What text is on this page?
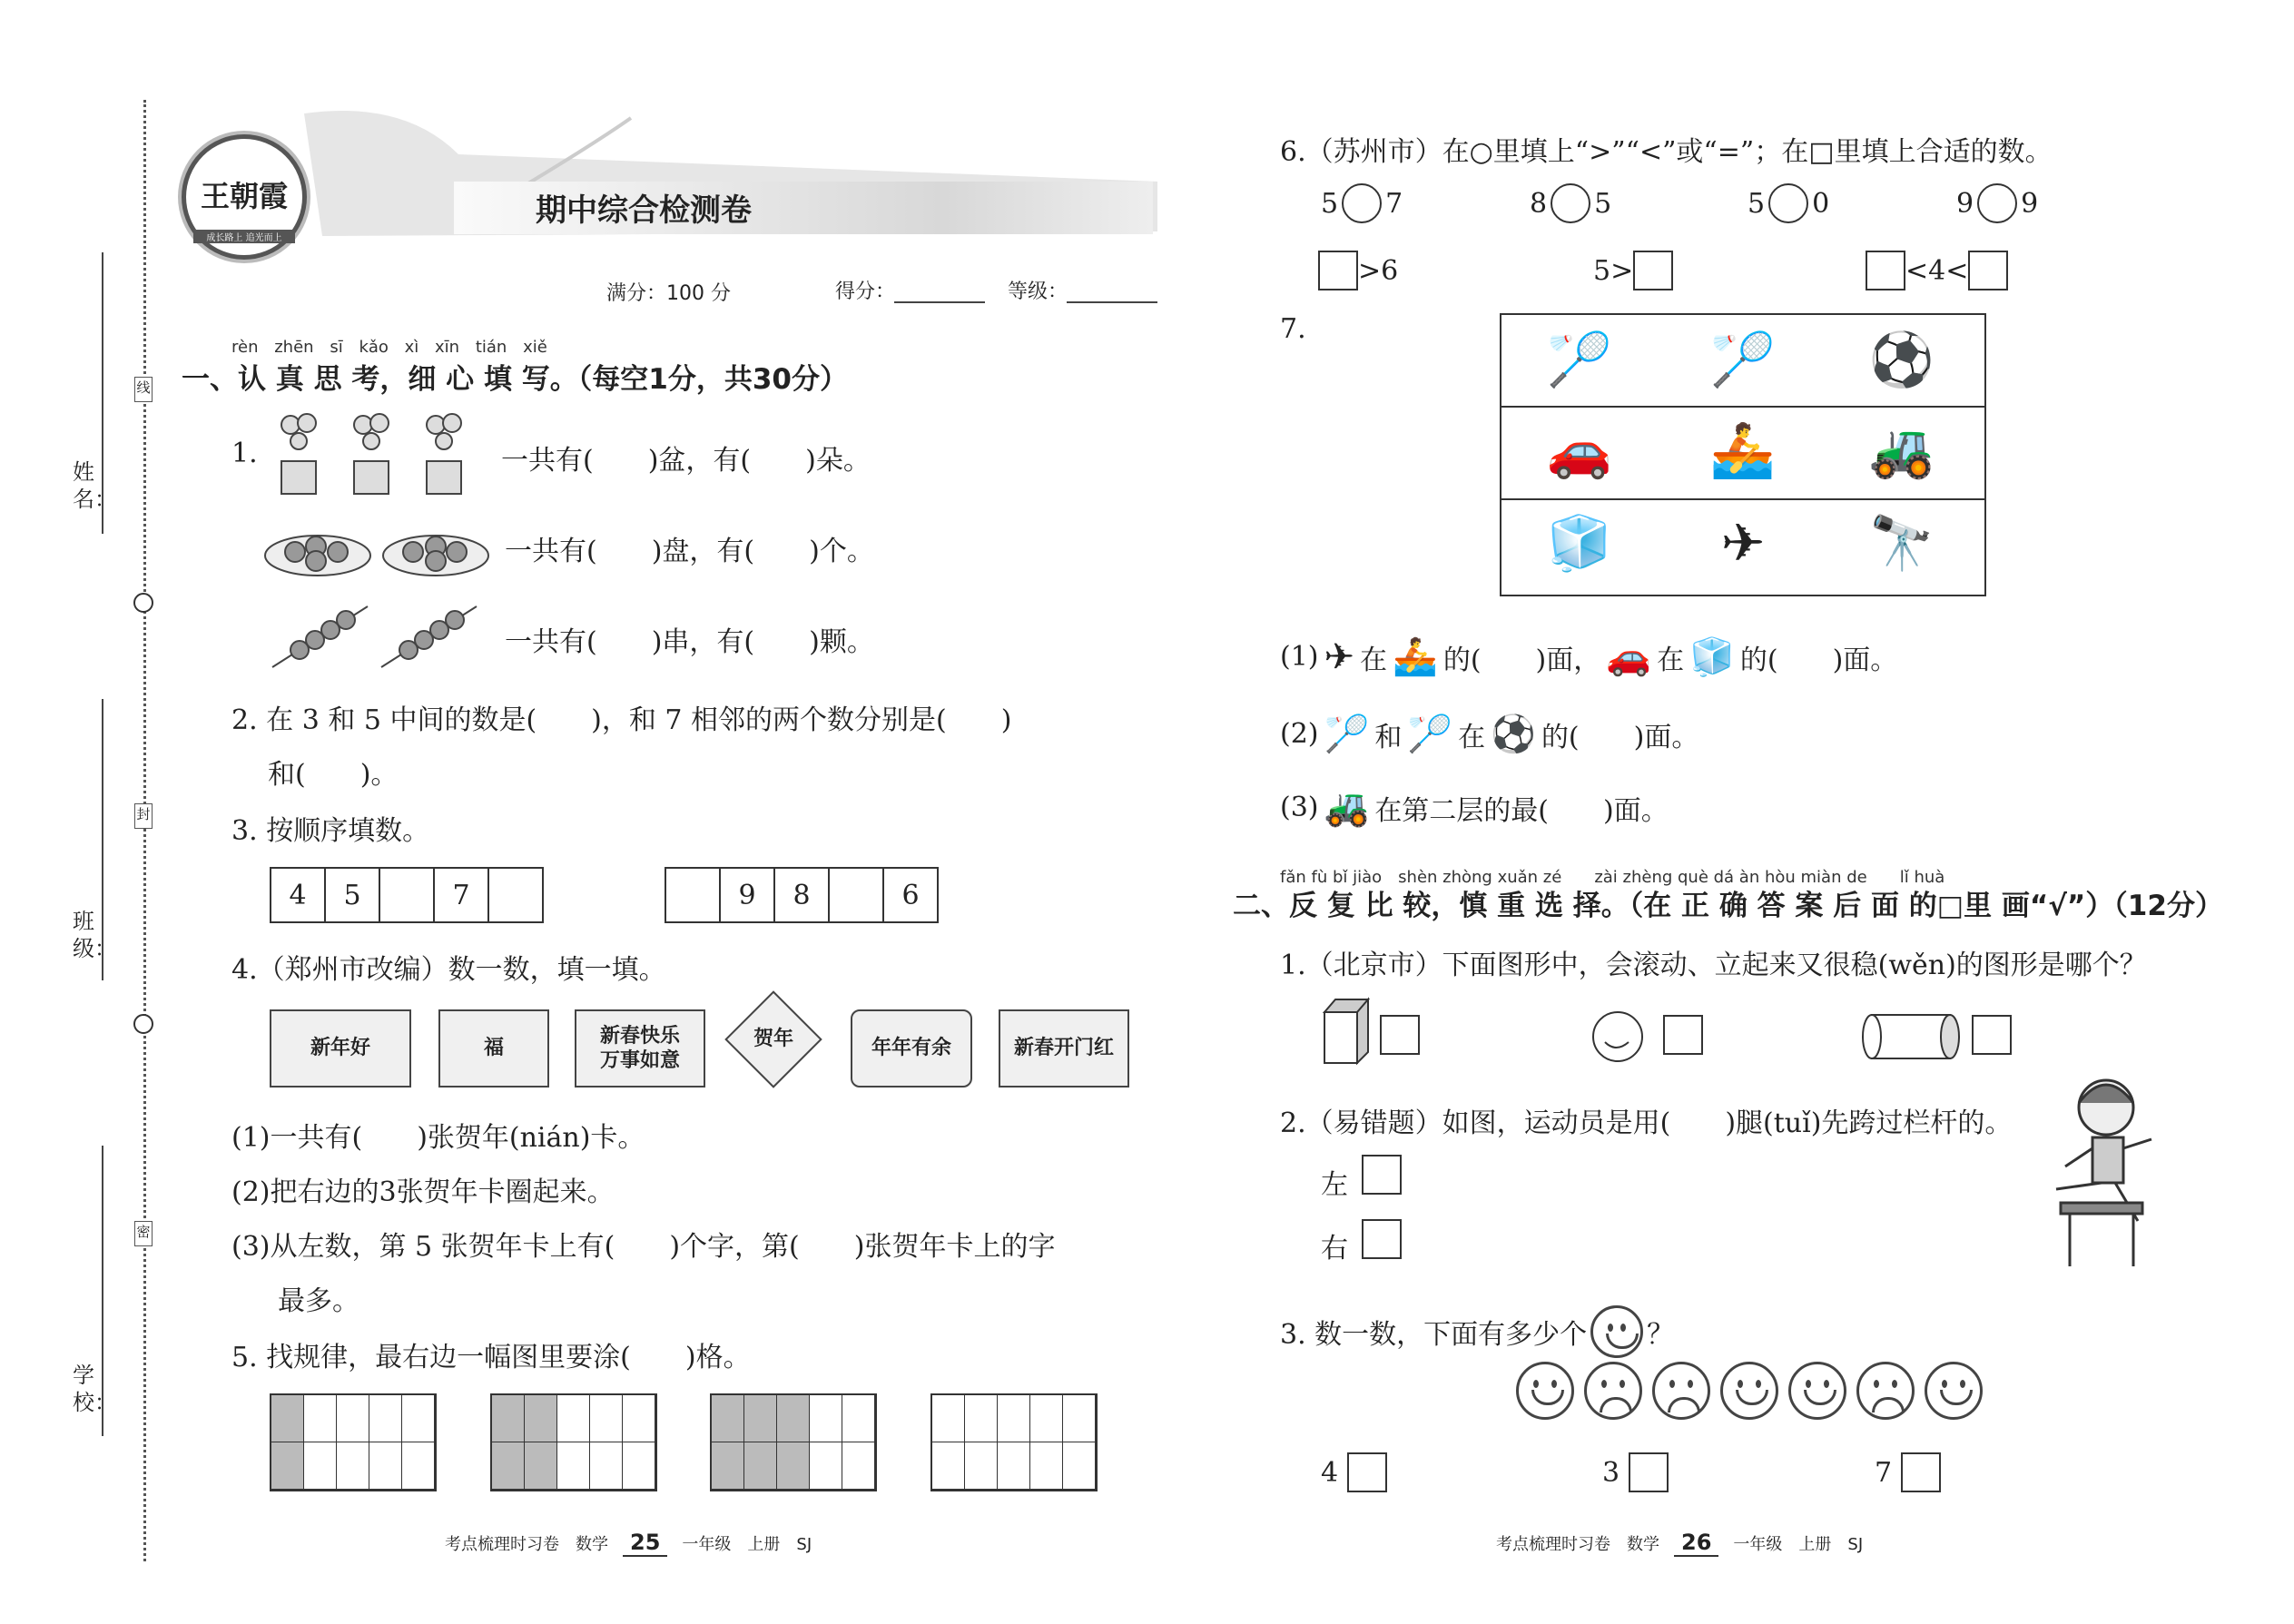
线
封
密
姓名：
班级：
学校：
王朝霞
成长路上 追光而上
期中综合检测卷
满分：100 分	得分：	等级：
rèn zhēn sī kǎo xì xīn tián xiě
一、认 真 思 考，细 心 填 写。（每空1分，共30分）
1.	一共有(　　)盆，有(　　)朵。
一共有(　　)盘，有(　　)个。
一共有(　　)串，有(　　)颗。
2. 在 3 和 5 中间的数是(　　)，和 7 相邻的两个数分别是(　　)
和(　　)。
3. 按顺序填数。
4	5	7	9	8	6
4.（郑州市改编）数一数，填一填。
新年好	福
新春快乐
万事如意
贺年	年年有余	新春开门红
(1)一共有(　　)张贺年(nián)卡。
(2)把右边的3张贺年卡圈起来。
(3)从左数，第 5 张贺年卡上有(　　)个字，第(　　)张贺年卡上的字
最多。
5. 找规律，最右边一幅图里要涂(　　)格。
6.（苏州市）在○里填上“>”“<”或“=”；在□里填上合适的数。
5 7	8 5	5 0	9 9
>6	5>	<4<
7.	🏸	🏸	⚽
🚗	🚣	🚜
🧊	✈	🔭
(1) ✈ 在 🚣 的(　　)面， 🚗 在 🧊 的(　　)面。
(2) 🏸 和 🏸 在 ⚽ 的(　　)面。
(3) 🚜 在第二层的最(　　)面。
fǎn fù bǐ jiào　shèn zhòng xuǎn zé　　zài zhèng què dá àn hòu miàn de　　lǐ huà
二、反 复 比 较，慎 重 选 择。（在 正 确 答 案 后 面 的□里 画“√”）（12分）
1.（北京市）下面图形中，会滚动、立起来又很稳(wěn)的图形是哪个？
2.（易错题）如图，运动员是用(　　)腿(tuǐ)先跨过栏杆的。
左
右
3. 数一数，下面有多少个 ？
4	3	7
考点梳理时习卷　数学	25	一年级　上册　SJ	考点梳理时习卷　数学	26	一年级　上册　SJ
